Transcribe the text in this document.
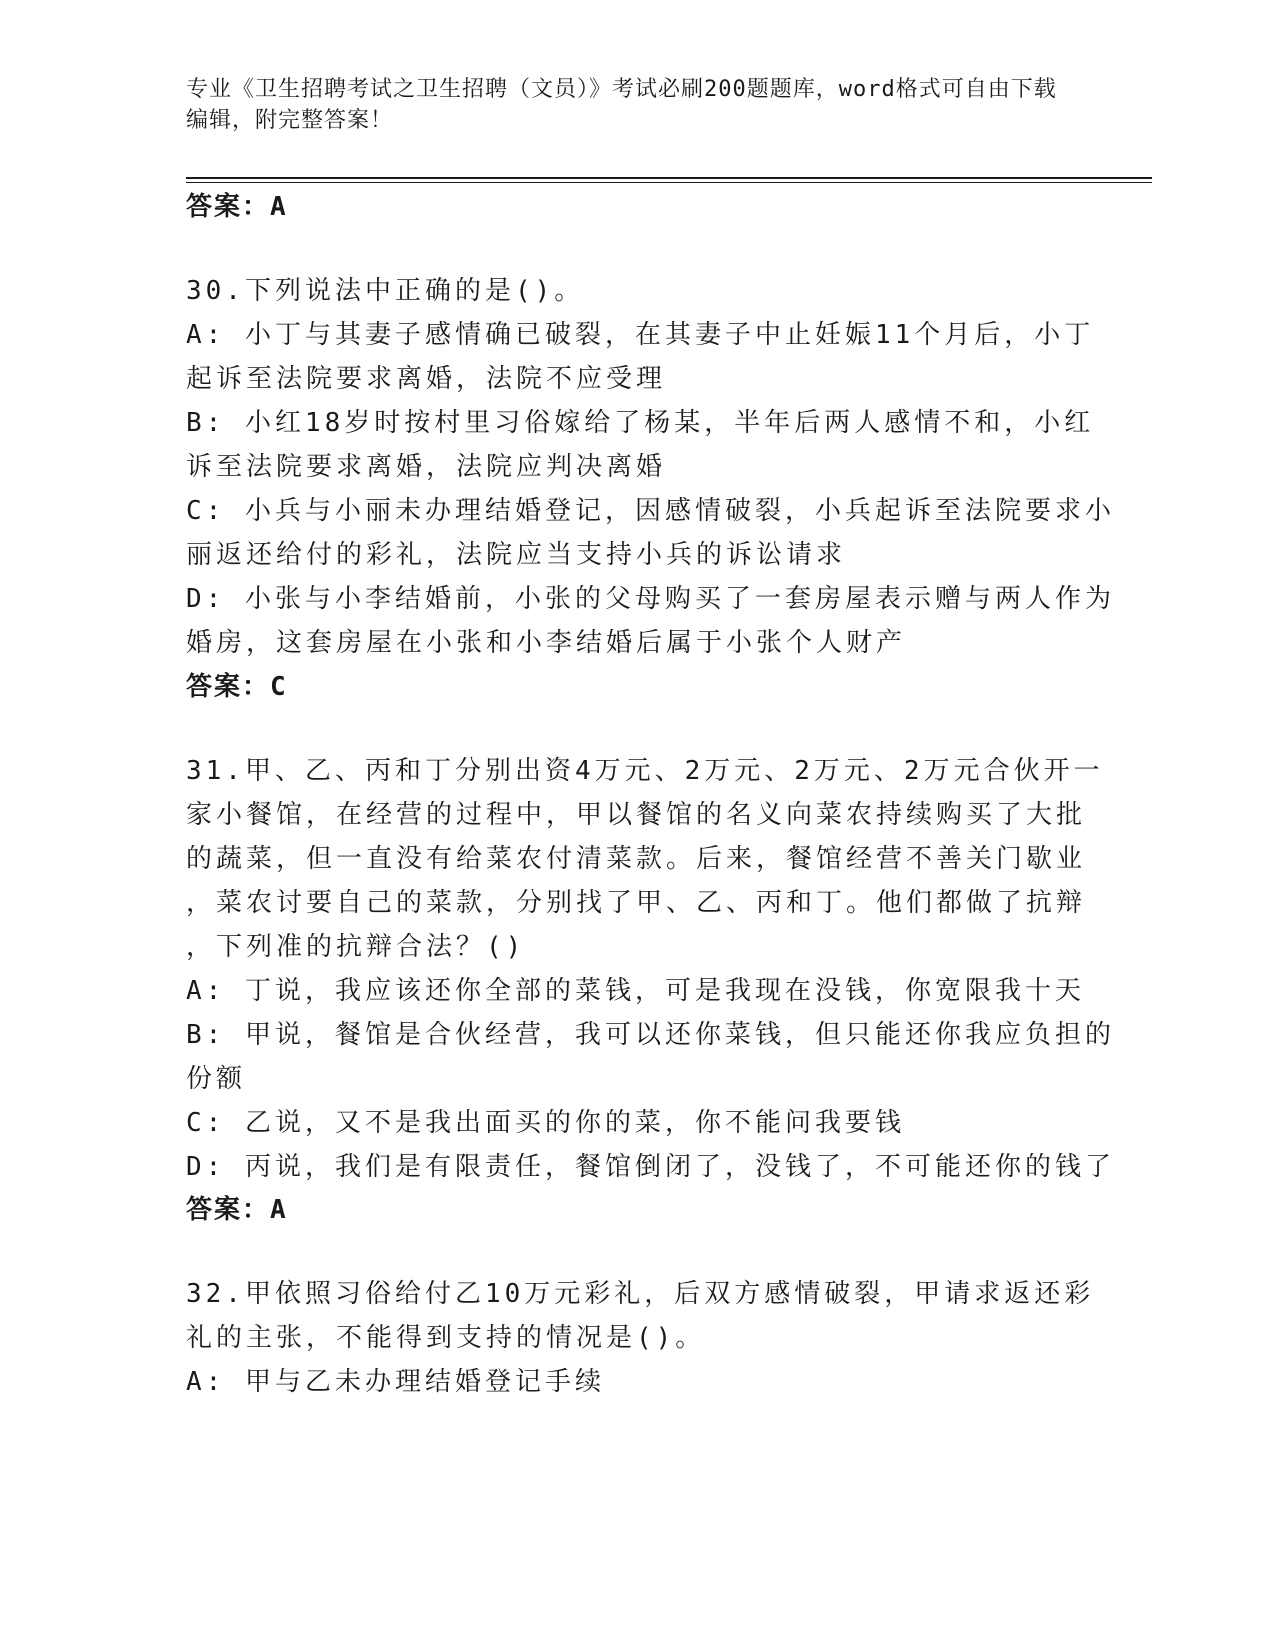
专业《卫生招聘考试之卫生招聘（文员）》考试必刷200题题库，word格式可自由下载编辑，附完整答案！
答案：A
30.下列说法中正确的是()。
A: 小丁与其妻子感情确已破裂，在其妻子中止妊娠11个月后，小丁
起诉至法院要求离婚，法院不应受理
B: 小红18岁时按村里习俗嫁给了杨某，半年后两人感情不和，小红
诉至法院要求离婚，法院应判决离婚
C: 小兵与小丽未办理结婚登记，因感情破裂，小兵起诉至法院要求小
丽返还给付的彩礼，法院应当支持小兵的诉讼请求
D: 小张与小李结婚前，小张的父母购买了一套房屋表示赠与两人作为
婚房，这套房屋在小张和小李结婚后属于小张个人财产
答案：C
31.甲、乙、丙和丁分别出资4万元、2万元、2万元、2万元合伙开一
家小餐馆，在经营的过程中，甲以餐馆的名义向菜农持续购买了大批
的蔬菜，但一直没有给菜农付清菜款。后来，餐馆经营不善关门歇业
，菜农讨要自己的菜款，分别找了甲、乙、丙和丁。他们都做了抗辩
，下列准的抗辩合法？()
A: 丁说，我应该还你全部的菜钱，可是我现在没钱，你宽限我十天
B: 甲说，餐馆是合伙经营，我可以还你菜钱，但只能还你我应负担的
份额
C: 乙说，又不是我出面买的你的菜，你不能问我要钱
D: 丙说，我们是有限责任，餐馆倒闭了，没钱了，不可能还你的钱了
答案：A
32.甲依照习俗给付乙10万元彩礼，后双方感情破裂，甲请求返还彩
礼的主张，不能得到支持的情况是()。
A: 甲与乙未办理结婚登记手续
